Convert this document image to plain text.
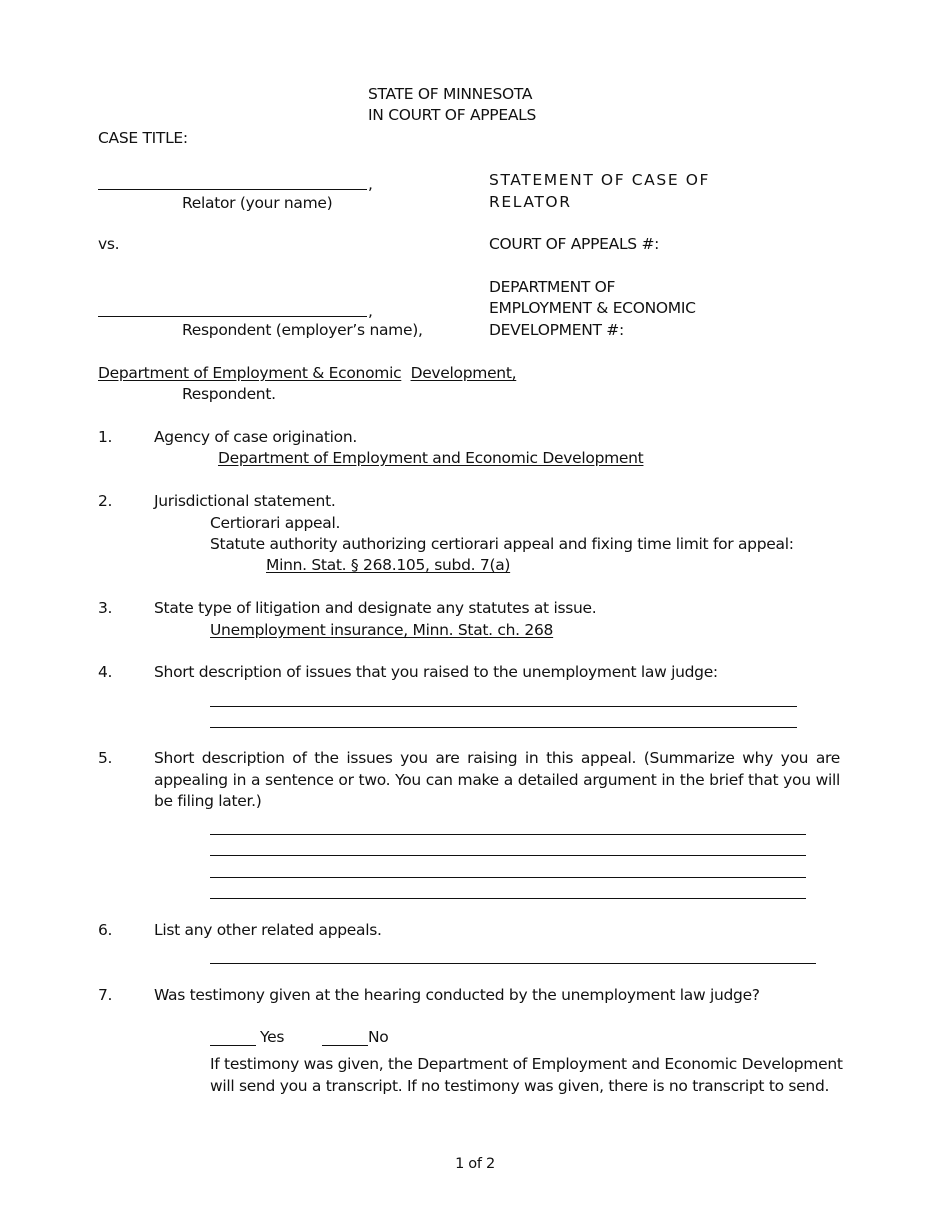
STATE OF MINNESOTA
IN COURT OF APPEALS
CASE TITLE:
,
Relator (your name)
vs.
,
Respondent (employer’s name),
Department of Employment & Economic Development,
Respondent.
STATEMENT OF CASE OF
RELATOR
COURT OF APPEALS #:
DEPARTMENT OF
EMPLOYMENT & ECONOMIC
DEVELOPMENT #:
1.	Agency of case origination.
Department of Employment and Economic Development
2.	Jurisdictional statement.
Certiorari appeal.
Statute authority authorizing certiorari appeal and fixing time limit for appeal:
Minn. Stat. § 268.105, subd. 7(a)
3.	State type of litigation and designate any statutes at issue.
Unemployment insurance, Minn. Stat. ch. 268
4.	Short description of issues that you raised to the unemployment law judge:
5.	Short description of the issues you are raising in this appeal. (Summarize why you are appealing in a sentence or two. You can make a detailed argument in the brief that you will be filing later.)
6.	List any other related appeals.
7.	Was testimony given at the hearing conducted by the unemployment law judge?
Yes	No
If testimony was given, the Department of Employment and Economic Development
will send you a transcript. If no testimony was given, there is no transcript to send.
1 of 2
